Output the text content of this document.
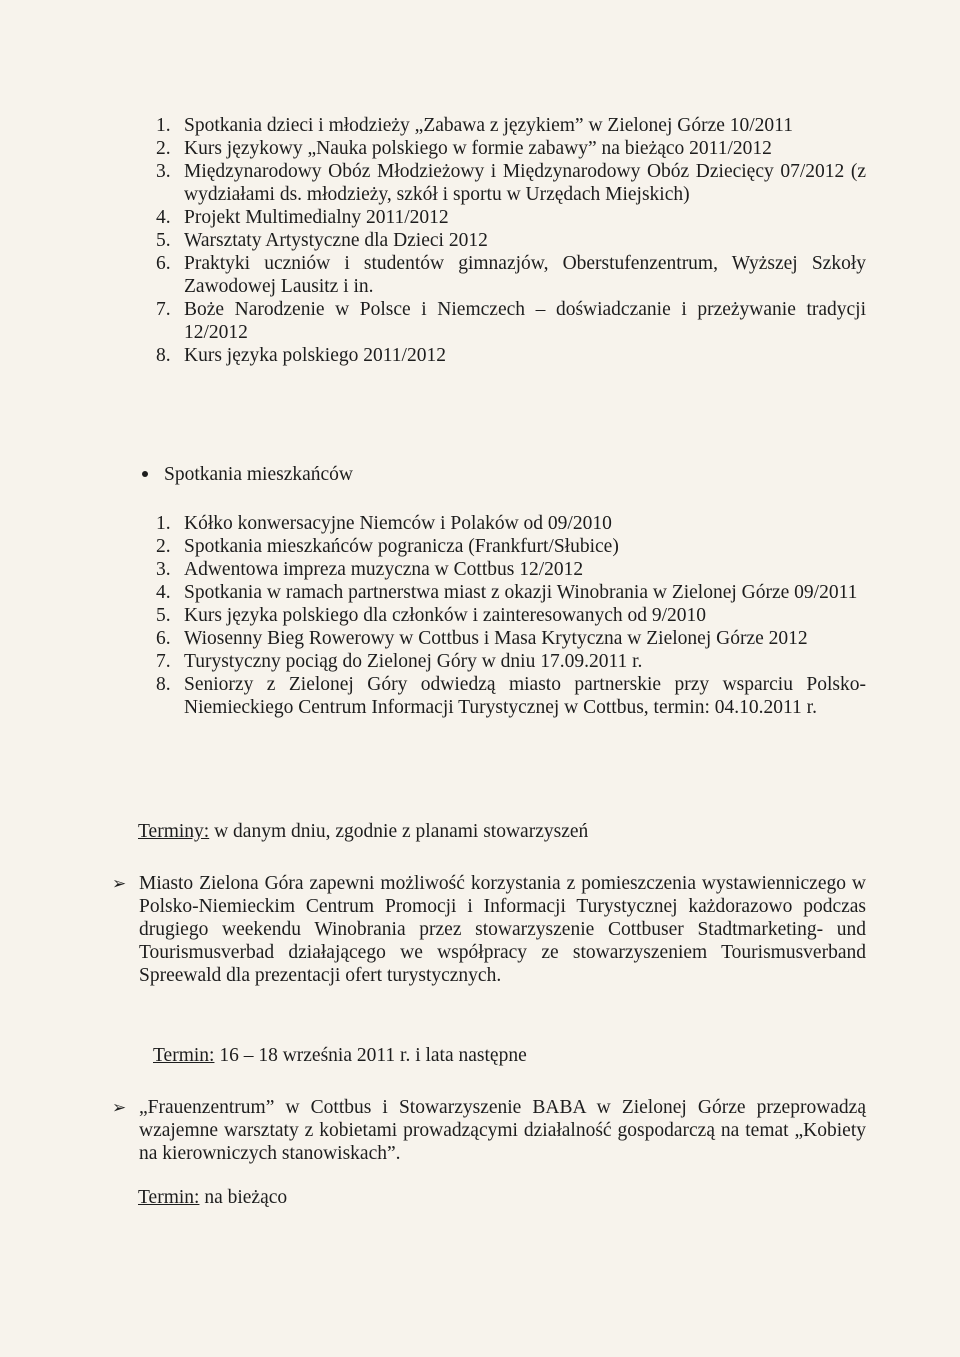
1. Spotkania dzieci i młodzieży „Zabawa z językiem” w Zielonej Górze 10/2011
2. Kurs językowy „Nauka polskiego w formie zabawy” na bieżąco 2011/2012
3. Międzynarodowy Obóz Młodzieżowy i Międzynarodowy Obóz Dziecięcy 07/2012 (z wydziałami ds. młodzieży, szkół i sportu w Urzędach Miejskich)
4. Projekt Multimedialny 2011/2012
5. Warsztaty Artystyczne dla Dzieci 2012
6. Praktyki uczniów i studentów gimnazjów, Oberstufenzentrum, Wyższej Szkoły Zawodowej Lausitz i in.
7. Boże Narodzenie w Polsce i Niemczech – doświadczanie i przeżywanie tradycji 12/2012
8. Kurs języka polskiego 2011/2012
Spotkania mieszkańców
1. Kółko konwersacyjne Niemców i Polaków od 09/2010
2. Spotkania mieszkańców pogranicza (Frankfurt/Słubice)
3. Adwentowa impreza muzyczna w Cottbus 12/2012
4. Spotkania w ramach partnerstwa miast z okazji Winobrania w Zielonej Górze 09/2011
5. Kurs języka polskiego dla członków i zainteresowanych od 9/2010
6. Wiosenny Bieg Rowerowy w Cottbus i Masa Krytyczna w Zielonej Górze 2012
7. Turystyczny pociąg do Zielonej Góry w dniu 17.09.2011 r.
8. Seniorzy z Zielonej Góry odwiedzą miasto partnerskie przy wsparciu Polsko-Niemieckiego Centrum Informacji Turystycznej w Cottbus, termin: 04.10.2011 r.
Terminy: w danym dniu, zgodnie z planami stowarzyszeń
➢ Miasto Zielona Góra zapewni możliwość korzystania z pomieszczenia wystawienniczego w Polsko-Niemieckim Centrum Promocji i Informacji Turystycznej każdorazowo podczas drugiego weekendu Winobrania przez stowarzyszenie Cottbuser Stadtmarketing- und Tourismusverbad działającego we współpracy ze stowarzyszeniem Tourismusverband Spreewald dla prezentacji ofert turystycznych.
Termin: 16 – 18 września 2011 r. i lata następne
➢ „Frauenzentrum” w Cottbus i Stowarzyszenie BABA w Zielonej Górze przeprowadzą wzajemne warsztaty z kobietami prowadzącymi działalność gospodarczą na temat „Kobiety na kierowniczych stanowiskach”.
Termin: na bieżąco
